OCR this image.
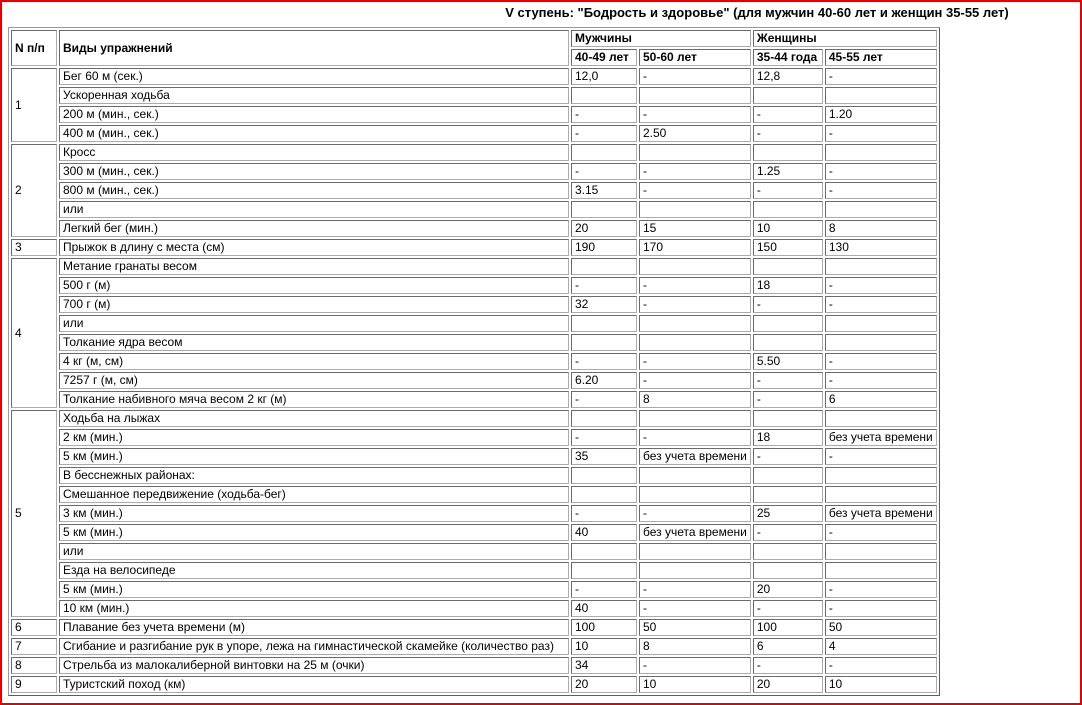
V ступень: "Бодрость и здоровье" (для мужчин 40-60 лет и женщин 35-55 лет)
N п/п	Виды упражнений	Мужчины		Женщины	
		40-49 лет	50-60 лет	35-44 года	45-55 лет
1	Бег 60 м (сек.)	12,0	-	12,8	-
	Ускоренная ходьба				
	200 м (мин., сек.)	-	-	-	1.20
	400 м (мин., сек.)	-	2.50	-	-
2	Кросс				
	300 м (мин., сек.)	-	-	1.25	-
	800 м (мин., сек.)	3.15	-	-	-
	или				
	Легкий бег (мин.)	20	15	10	8
3	Прыжок в длину с места (см)	190	170	150	130
4	Метание гранаты весом				
	500 г (м)	-	-	18	-
	700 г (м)	32	-	-	-
	или				
	Толкание ядра весом				
	4 кг (м, см)	-	-	5.50	-
	7257 г (м, см)	6.20	-	-	-
	Толкание набивного мяча весом 2 кг (м)	-	8	-	6
5	Ходьба на лыжах				
	2 км (мин.)	-	-	18	без учета времени
	5 км (мин.)	35	без учета времени	-	-
	В бесснежных районах:				
	Смешанное передвижение (ходьба-бег)				
	3 км (мин.)	-	-	25	без учета времени
	5 км (мин.)	40	без учета времени	-	-
	или				
	Езда на велосипеде				
	5 км (мин.)	-	-	20	-
	10 км (мин.)	40	-	-	-
6	Плавание без учета времени (м)	100	50	100	50
7	Сгибание и разгибание рук в упоре, лежа на гимнастической скамейке (количество раз)	10	8	6	4
8	Стрельба из малокалиберной винтовки на 25 м (очки)	34	-	-	-
9	Туристский поход (км)	20	10	20	10
